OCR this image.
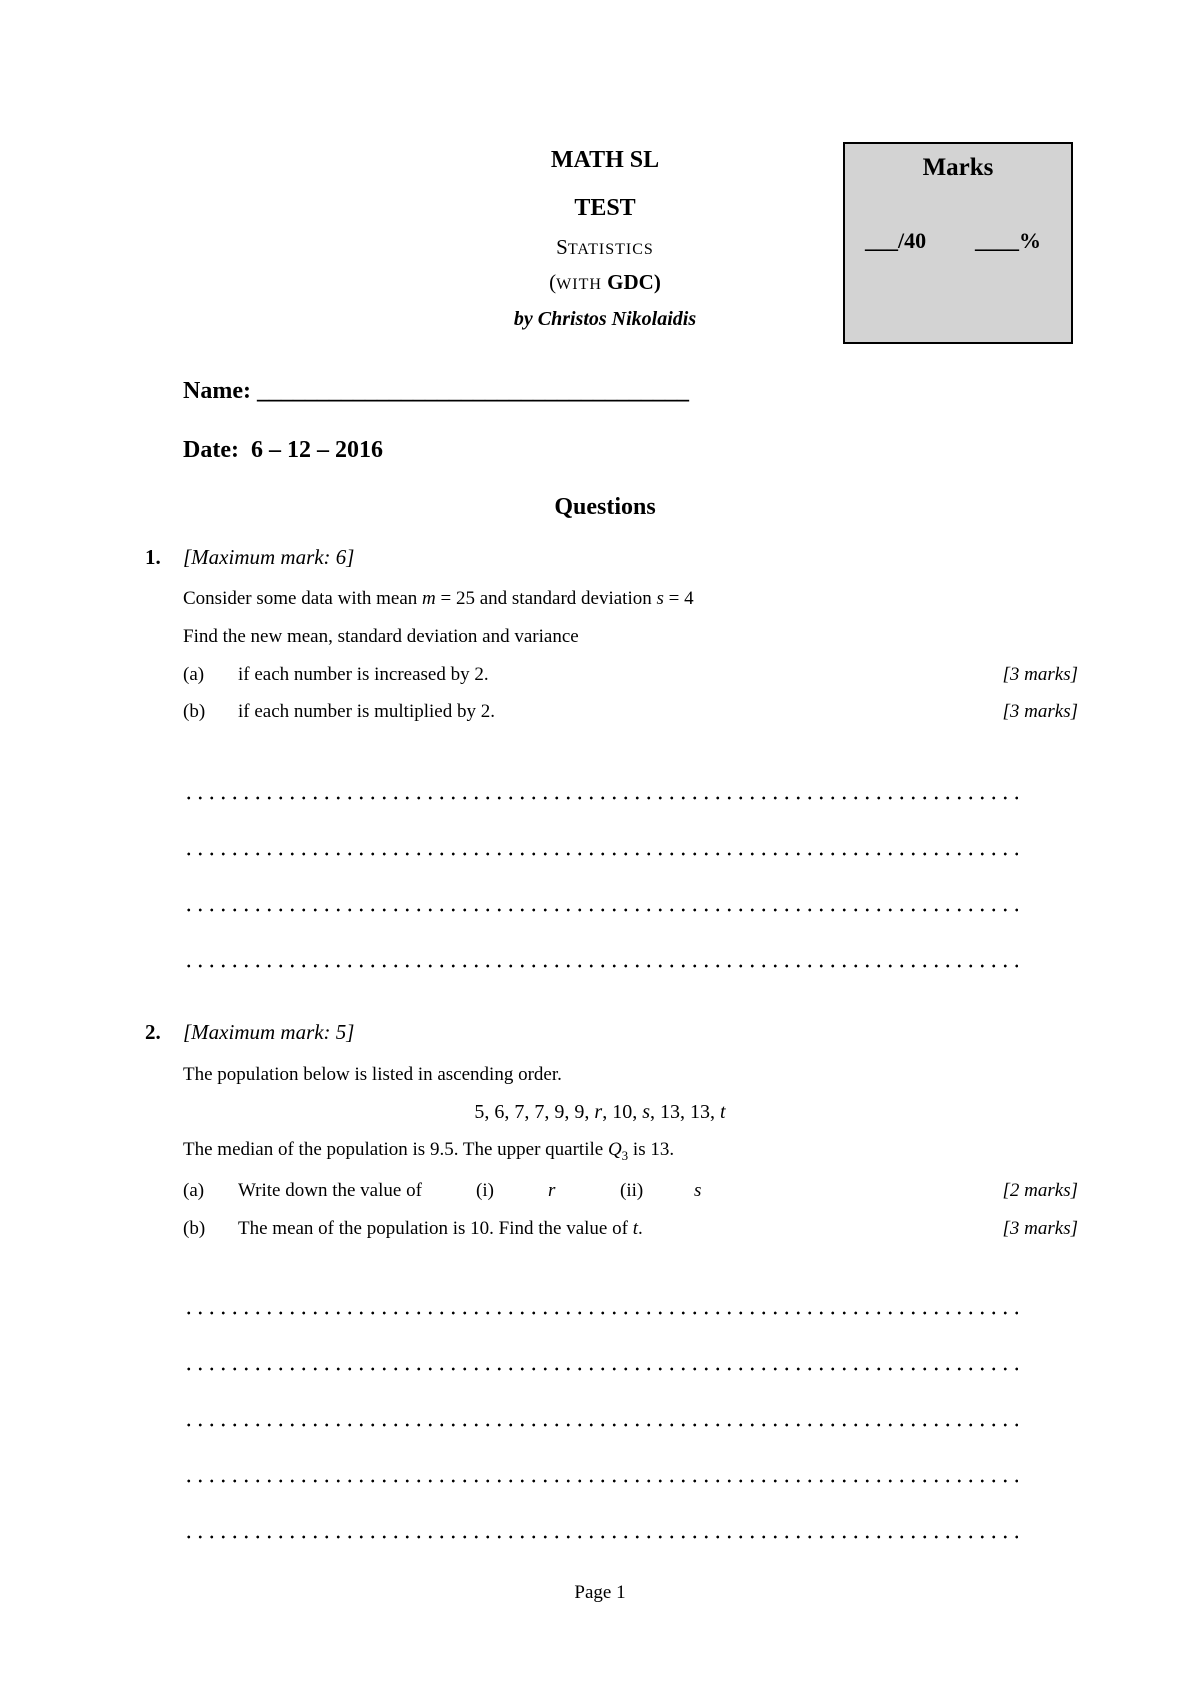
MATH SL
TEST
STATISTICS
(WITH GDC)
by Christos Nikolaidis
Marks
___/40 ____%
Name: ____________________________________
Date: 6 – 12 – 2016
Questions
1. [Maximum mark: 6]
Consider some data with mean m = 25 and standard deviation s = 4
Find the new mean, standard deviation and variance
(a) if each number is increased by 2.	[3 marks]
(b) if each number is multiplied by 2.	[3 marks]
2. [Maximum mark: 5]
The population below is listed in ascending order.
5, 6, 7, 7, 9, 9, r, 10, s, 13, 13, t
The median of the population is 9.5. The upper quartile $Q_3$ is 13.
(a) Write down the value of	(i)	r	(ii)	s	[2 marks]
(b) The mean of the population is 10. Find the value of t.	[3 marks]
Page 1
